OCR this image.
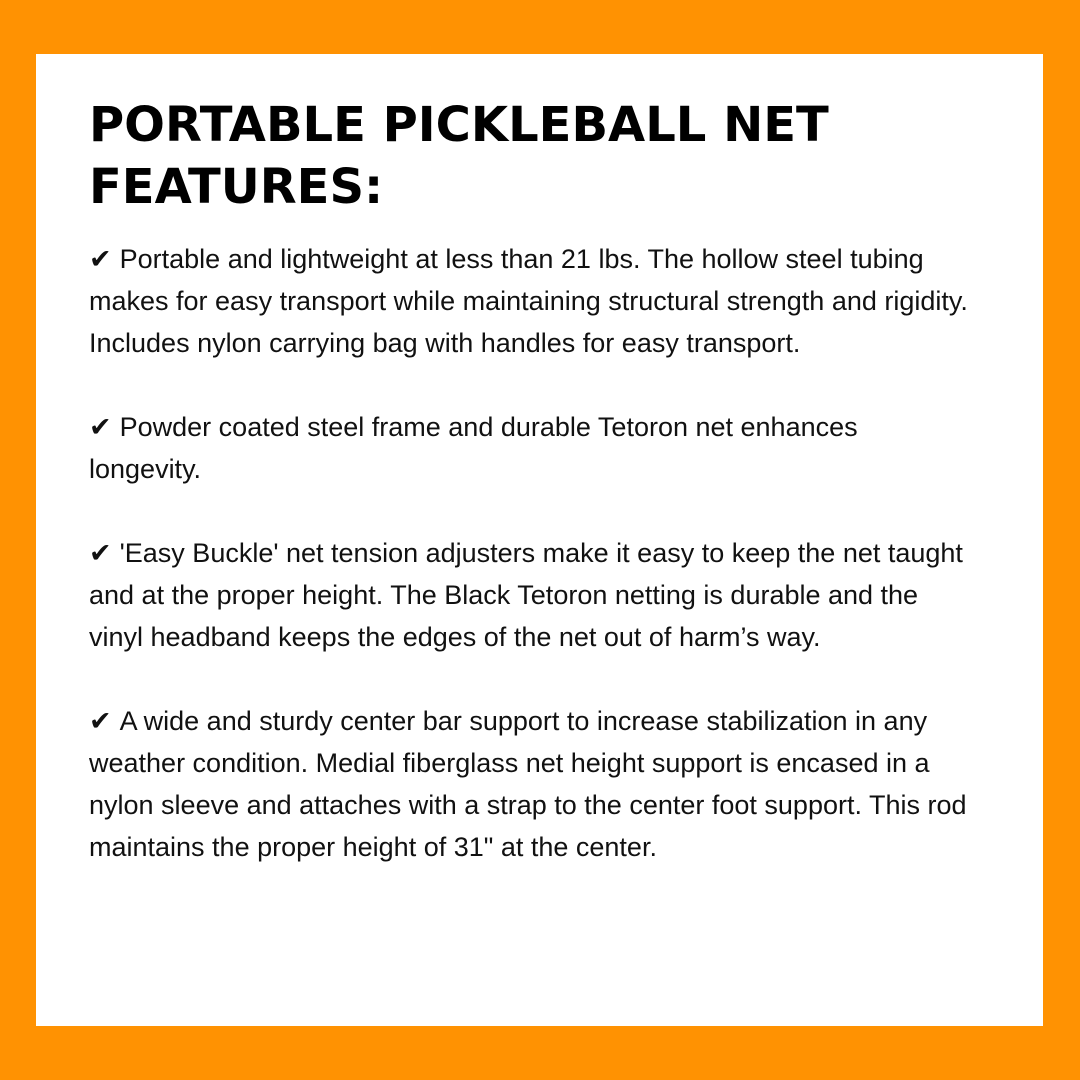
PORTABLE PICKLEBALL NET FEATURES:

✔ Portable and lightweight at less than 21 lbs. The hollow steel tubing makes for easy transport while maintaining structural strength and rigidity. Includes nylon carrying bag with handles for easy transport.

✔ Powder coated steel frame and durable Tetoron net enhances longevity.

✔ 'Easy Buckle' net tension adjusters make it easy to keep the net taught and at the proper height. The Black Tetoron netting is durable and the vinyl headband keeps the edges of the net out of harm’s way.

✔ A wide and sturdy center bar support to increase stabilization in any weather condition. Medial fiberglass net height support is encased in a nylon sleeve and attaches with a strap to the center foot support. This rod maintains the proper height of 31" at the center.
